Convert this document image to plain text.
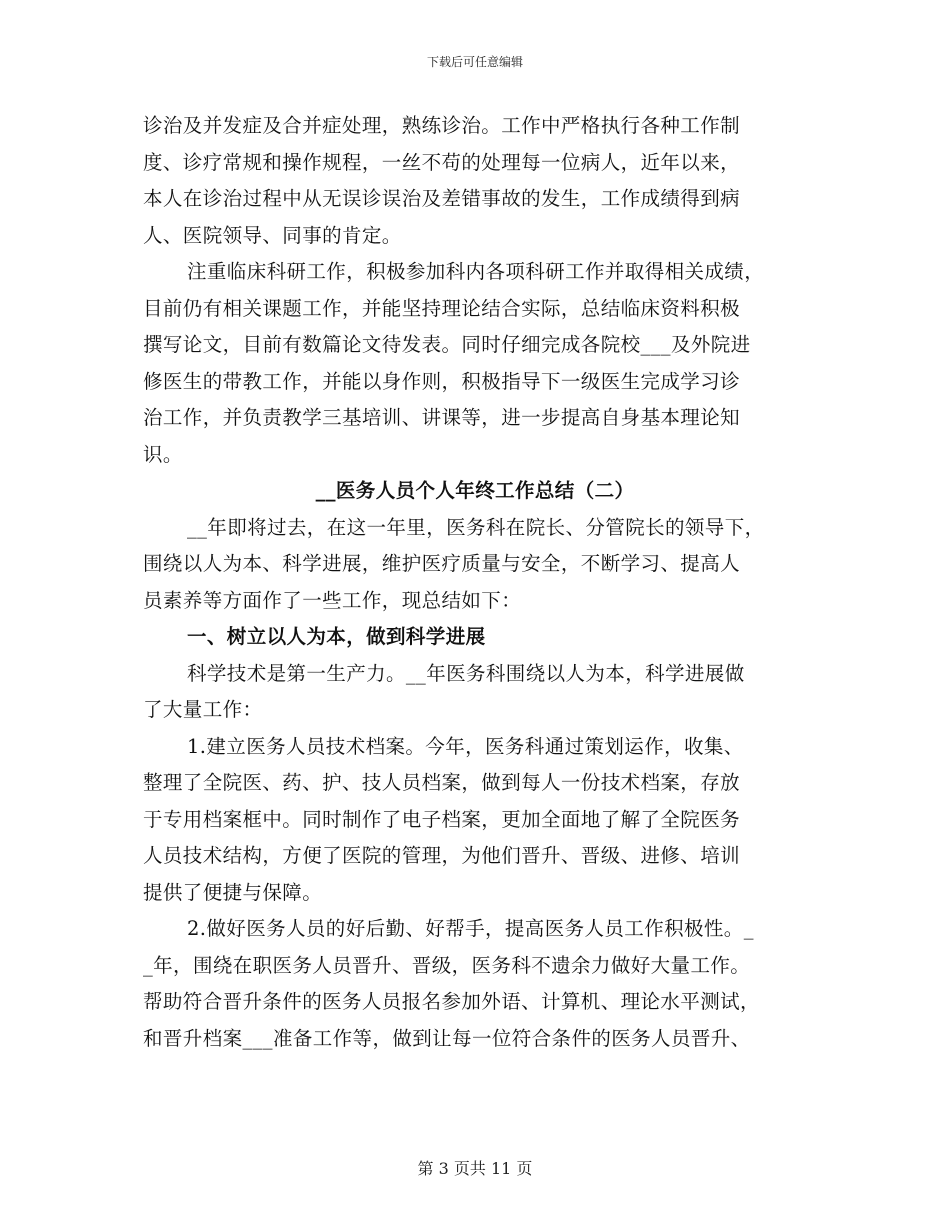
下载后可任意编辑
诊治及并发症及合并症处理，熟练诊治。工作中严格执行各种工作制
度、诊疗常规和操作规程，一丝不苟的处理每一位病人，近年以来，
本人在诊治过程中从无误诊误治及差错事故的发生，工作成绩得到病
人、医院领导、同事的肯定。
注重临床科研工作，积极参加科内各项科研工作并取得相关成绩，
目前仍有相关课题工作，并能坚持理论结合实际，总结临床资料积极
撰写论文，目前有数篇论文待发表。同时仔细完成各院校___及外院进
修医生的带教工作，并能以身作则，积极指导下一级医生完成学习诊
治工作，并负责教学三基培训、讲课等，进一步提高自身基本理论知
识。
__医务人员个人年终工作总结（二）
__年即将过去，在这一年里，医务科在院长、分管院长的领导下，
围绕以人为本、科学进展，维护医疗质量与安全，不断学习、提高人
员素养等方面作了一些工作，现总结如下：
一、树立以人为本，做到科学进展
科学技术是第一生产力。__年医务科围绕以人为本，科学进展做
了大量工作：
1.建立医务人员技术档案。今年，医务科通过策划运作，收集、
整理了全院医、药、护、技人员档案，做到每人一份技术档案，存放
于专用档案框中。同时制作了电子档案，更加全面地了解了全院医务
人员技术结构，方便了医院的管理，为他们晋升、晋级、进修、培训
提供了便捷与保障。
2.做好医务人员的好后勤、好帮手，提高医务人员工作积极性。_
_年，围绕在职医务人员晋升、晋级，医务科不遗余力做好大量工作。
帮助符合晋升条件的医务人员报名参加外语、计算机、理论水平测试，
和晋升档案___准备工作等，做到让每一位符合条件的医务人员晋升、
第 3 页共 11 页
